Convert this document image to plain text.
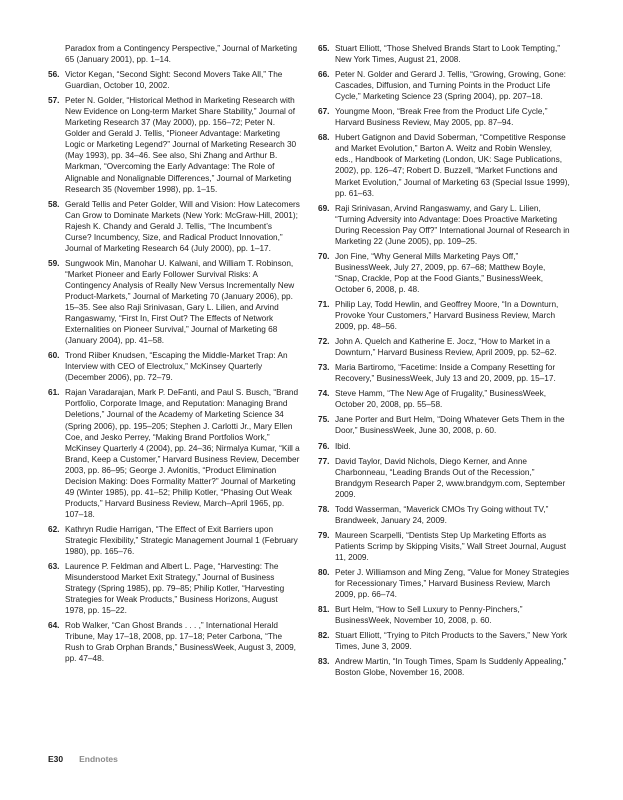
Paradox from a Contingency Perspective,” Journal of Marketing 65 (January 2001), pp. 1–14.
56. Victor Kegan, “Second Sight: Second Movers Take All,” The Guardian, October 10, 2002.
57. Peter N. Golder, “Historical Method in Marketing Research with New Evidence on Long-term Market Share Stability,” Journal of Marketing Research 37 (May 2000), pp. 156–72; Peter N. Golder and Gerald J. Tellis, “Pioneer Advantage: Marketing Logic or Marketing Legend?” Journal of Marketing Research 30 (May 1993), pp. 34–46. See also, Shi Zhang and Arthur B. Markman, “Overcoming the Early Advantage: The Role of Alignable and Nonalignable Differences,” Journal of Marketing Research 35 (November 1998), pp. 1–15.
58. Gerald Tellis and Peter Golder, Will and Vision: How Latecomers Can Grow to Dominate Markets (New York: McGraw-Hill, 2001); Rajesh K. Chandy and Gerald J. Tellis, “The Incumbent’s Curse? Incumbency, Size, and Radical Product Innovation,” Journal of Marketing Research 64 (July 2000), pp. 1–17.
59. Sungwook Min, Manohar U. Kalwani, and William T. Robinson, “Market Pioneer and Early Follower Survival Risks: A Contingency Analysis of Really New Versus Incrementally New Product-Markets,” Journal of Marketing 70 (January 2006), pp. 15–35. See also Raji Srinivasan, Gary L. Lilien, and Arvind Rangaswamy, “First In, First Out? The Effects of Network Externalities on Pioneer Survival,” Journal of Marketing 68 (January 2004), pp. 41–58.
60. Trond Riiber Knudsen, “Escaping the Middle-Market Trap: An Interview with CEO of Electrolux,” McKinsey Quarterly (December 2006), pp. 72–79.
61. Rajan Varadarajan, Mark P. DeFanti, and Paul S. Busch, “Brand Portfolio, Corporate Image, and Reputation: Managing Brand Deletions,” Journal of the Academy of Marketing Science 34 (Spring 2006), pp. 195–205; Stephen J. Carlotti Jr., Mary Ellen Coe, and Jesko Perrey, “Making Brand Portfolios Work,” McKinsey Quarterly 4 (2004), pp. 24–36; Nirmalya Kumar, “Kill a Brand, Keep a Customer,” Harvard Business Review, December 2003, pp. 86–95; George J. Avlonitis, “Product Elimination Decision Making: Does Formality Matter?” Journal of Marketing 49 (Winter 1985), pp. 41–52; Philip Kotler, “Phasing Out Weak Products,” Harvard Business Review, March–April 1965, pp. 107–18.
62. Kathryn Rudie Harrigan, “The Effect of Exit Barriers upon Strategic Flexibility,” Strategic Management Journal 1 (February 1980), pp. 165–76.
63. Laurence P. Feldman and Albert L. Page, “Harvesting: The Misunderstood Market Exit Strategy,” Journal of Business Strategy (Spring 1985), pp. 79–85; Philip Kotler, “Harvesting Strategies for Weak Products,” Business Horizons, August 1978, pp. 15–22.
64. Rob Walker, “Can Ghost Brands . . . ,” International Herald Tribune, May 17–18, 2008, pp. 17–18; Peter Carbona, “The Rush to Grab Orphan Brands,” BusinessWeek, August 3, 2009, pp. 47–48.
65. Stuart Elliott, “Those Shelved Brands Start to Look Tempting,” New York Times, August 21, 2008.
66. Peter N. Golder and Gerard J. Tellis, “Growing, Growing, Gone: Cascades, Diffusion, and Turning Points in the Product Life Cycle,” Marketing Science 23 (Spring 2004), pp. 207–18.
67. Youngme Moon, “Break Free from the Product Life Cycle,” Harvard Business Review, May 2005, pp. 87–94.
68. Hubert Gatignon and David Soberman, “Competitive Response and Market Evolution,” Barton A. Weitz and Robin Wensley, eds., Handbook of Marketing (London, UK: Sage Publications, 2002), pp. 126–47; Robert D. Buzzell, “Market Functions and Market Evolution,” Journal of Marketing 63 (Special Issue 1999), pp. 61–63.
69. Raji Srinivasan, Arvind Rangaswamy, and Gary L. Lilien, “Turning Adversity into Advantage: Does Proactive Marketing During Recession Pay Off?” International Journal of Research in Marketing 22 (June 2005), pp. 109–25.
70. Jon Fine, “Why General Mills Marketing Pays Off,” BusinessWeek, July 27, 2009, pp. 67–68; Matthew Boyle, “Snap, Crackle, Pop at the Food Giants,” BusinessWeek, October 6, 2008, p. 48.
71. Philip Lay, Todd Hewlin, and Geoffrey Moore, “In a Downturn, Provoke Your Customers,” Harvard Business Review, March 2009, pp. 48–56.
72. John A. Quelch and Katherine E. Jocz, “How to Market in a Downturn,” Harvard Business Review, April 2009, pp. 52–62.
73. Maria Bartiromo, “Facetime: Inside a Company Resetting for Recovery,” BusinessWeek, July 13 and 20, 2009, pp. 15–17.
74. Steve Hamm, “The New Age of Frugality,” BusinessWeek, October 20, 2008, pp. 55–58.
75. Jane Porter and Burt Helm, “Doing Whatever Gets Them in the Door,” BusinessWeek, June 30, 2008, p. 60.
76. Ibid.
77. David Taylor, David Nichols, Diego Kerner, and Anne Charbonneau, “Leading Brands Out of the Recession,” Brandgym Research Paper 2, www.brandgym.com, September 2009.
78. Todd Wasserman, “Maverick CMOs Try Going without TV,” Brandweek, January 24, 2009.
79. Maureen Scarpelli, “Dentists Step Up Marketing Efforts as Patients Scrimp by Skipping Visits,” Wall Street Journal, August 11, 2009.
80. Peter J. Williamson and Ming Zeng, “Value for Money Strategies for Recessionary Times,” Harvard Business Review, March 2009, pp. 66–74.
81. Burt Helm, “How to Sell Luxury to Penny-Pinchers,” BusinessWeek, November 10, 2008, p. 60.
82. Stuart Elliott, “Trying to Pitch Products to the Savers,” New York Times, June 3, 2009.
83. Andrew Martin, “In Tough Times, Spam Is Suddenly Appealing,” Boston Globe, November 16, 2008.
E30 Endnotes
